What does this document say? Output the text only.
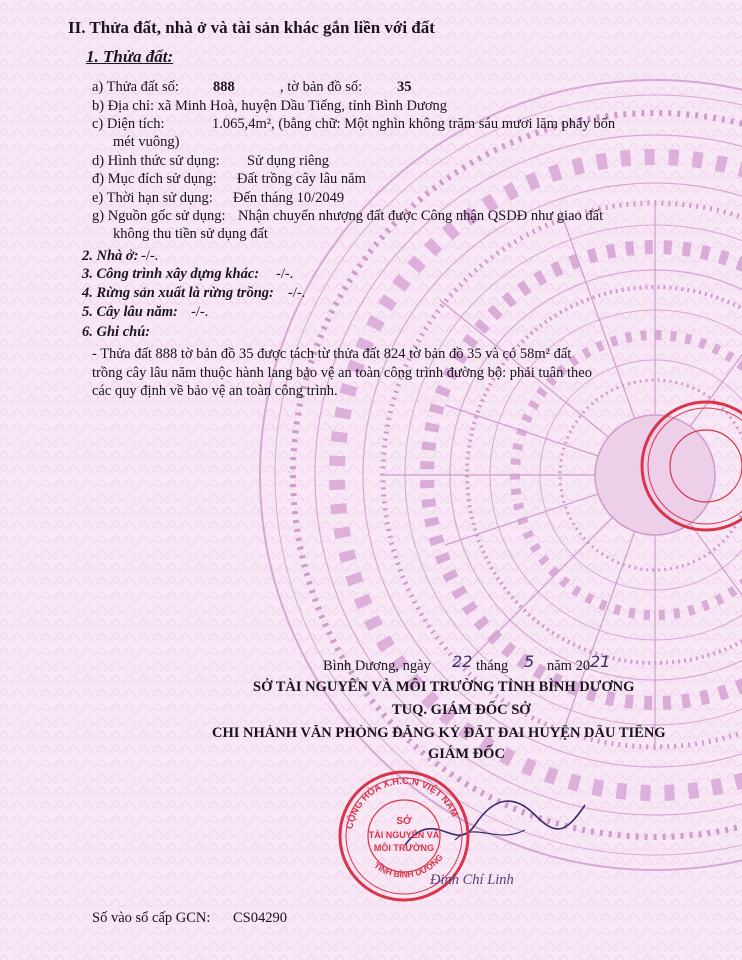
II. Thửa đất, nhà ở và tài sản khác gắn liền với đất
1. Thửa đất:
a) Thửa đất số: 888	, tờ bản đồ số: 35
b) Địa chỉ: xã Minh Hoà, huyện Dầu Tiếng, tỉnh Bình Dương
c) Diện tích:	1.065,4m², (bằng chữ: Một nghìn không trăm sáu mươi lăm phẩy bốn
mét vuông)
d) Hình thức sử dụng: Sử dụng riêng
đ) Mục đích sử dụng: Đất trồng cây lâu năm
e) Thời hạn sử dụng: Đến tháng 10/2049
g) Nguồn gốc sử dụng: Nhận chuyển nhượng đất được Công nhận QSDĐ như giao đất
không thu tiền sử dụng đất
2. Nhà ở: -/-.
3. Công trình xây dựng khác: -/-.
4. Rừng sản xuất là rừng trồng: -/-.
5. Cây lâu năm: -/-.
6. Ghi chú:
- Thửa đất 888 tờ bản đồ 35 được tách từ thửa đất 824 tờ bản đồ 35 và có 58m² đất
trồng cây lâu năm thuộc hành lang bảo vệ an toàn công trình đường bộ: phải tuân theo
các quy định về bảo vệ an toàn công trình.
Bình Dương, ngày 22 tháng 5 năm 20 21
SỞ TÀI NGUYÊN VÀ MÔI TRƯỜNG TỈNH BÌNH DƯƠNG
TUQ. GIÁM ĐỐC SỞ
CHI NHÁNH VĂN PHÒNG ĐĂNG KÝ ĐẤT ĐAI HUYỆN DẦU TIẾNG
GIÁM ĐỐC
CỘNG HÒA X.H.C.N VIỆT NAM
TỈNH BÌNH DƯƠNG
SỞ
TÀI NGUYÊN VÀ
MÔI TRƯỜNG
Đinh Chí Linh
Số vào sổ cấp GCN: CS04290
